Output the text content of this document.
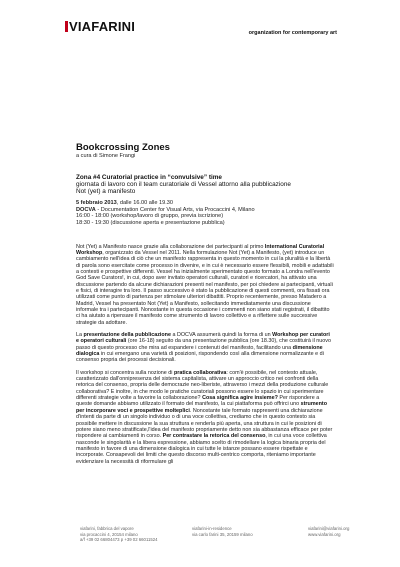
VIAFARINI	organization for contemporary art
Bookcrossing Zones

a cura di Simone Frangi

Zona #4 Curatorial practice in “convulsive” time
giornata di lavoro con il team curatoriale di Vessel attorno alla pubblicazione
Not (yet) a manifesto

5 febbraio 2013, dalle 16.00 alle 19.30

DOCVA - Documentation Center for Visual Arts, via Procaccini 4, Milano

16:00 - 18:00 (workshop/lavoro di gruppo, previa iscrizione)

18:30 - 19:30 (discussione aperta e presentazione pubblica)

Not (Yet) a Manifesto nasce grazie alla collaborazione dei partecipanti al primo International Curatorial Workshop, organizzato da Vessel nel 2011. Nella formulazione Not (Yet) a Manifesto, (yet) introduce un cambiamento nell'idea di ciò che un manifesto rappresenta in questo momento in cui la pluralità e la libertà di parola sono esercitate come processo in divenire, e in cui è necessario essere flessibili, mobili e adattabili a contesti e prospettive differenti. Vessel ha inizialmente sperimentato questo formato a Londra nell'evento God Save Curators!, in cui, dopo aver invitato operatori culturali, curatori e ricercatori, ha attivato una discussione partendo da alcune dichiarazioni presenti nel manifesto, per poi chiedere ai partecipanti, virtuali e fisici, di interagire tra loro. Il passo successivo è stato la pubblicazione di questi commenti, ora fissati ora utilizzati come punto di partenza per stimolare ulteriori dibattiti. Proprio recentemente, presso Matadero a Madrid, Vessel ha presentato Not (Yet) a Manifesto, sollecitando immediatamente una discussione informale tra i partecipanti. Nonostante in questa occasione i commenti non siano stati registrati, il dibattito ci ha aiutato a ripensare il manifesto come strumento di lavoro collettivo e a riflettere sulle successive strategie da adottare.

La presentazione della pubblicazione a DOCVA assumerà quindi la forma di un Workshop per curatori e operatori culturali (ore 16-18) seguito da una presentazione pubblica (ore 18.30), che costituirà il nuovo passo di questo processo che mira ad espandere i contenuti del manifesto, facilitando una dimensione dialogica in cui emergano una varietà di posizioni, rispondendo così alla dimensione normalizzante e di consenso propria dei processi decisionali.

Il workshop si concentra sulla nozione di pratica collaborativa: com'è possibile, nel contesto attuale, caratterizzato dall'onnipresenza del sistema capitalista, attivare un approccio critico nei confronti della retorica del consenso, propria delle democrazie neo-liberiste, attraverso i mezzi della produzione culturale collaborativa? E inoltre, in che modo le pratiche curatoriali possono essere lo spazio in cui sperimentare differenti strategie volte a favorire la collaborazione? Cosa significa agire insieme? Per rispondere a queste domande abbiamo utilizzato il formato del manifesto, la cui piattaforma può offrirci uno strumento per incorporare voci e prospettive molteplici. Nonostante tale formato rappresenti una dichiarazione d'intenti da parte di un singolo individuo o di una voce collettiva, crediamo che in questo contesto sia possibile mettere in discussione la sua struttura e renderla più aperta, una struttura in cui le posizioni di potere siano meno stratificate,l'idea del manifesto propriamente detto non sia abbastanza efficace per poter rispondere ai cambiamenti in corso. Per contrastare la retorica del consenso, in cui una voce collettiva nasconde le singolarità e la libera espressione, abbiamo scelto di rimodellare la logica binaria propria del manifesto in favore di una dimensione dialogica in cui tutte le istanze possano essere rispettate e incorporate. Consapevoli dei limiti che questo discorso multi-centrico comporta, riteniamo importante evidenziare la necessità di riformulare gli

viafarini, fabbrica del vapore
via procaccini 4, 20154 milano
a/f +39 02 66804473 p +39 02 66011524
viafarini-in-residence
via carlo farini 35, 20159 milano
viafarini@viafarini.org
www.viafarini.org
